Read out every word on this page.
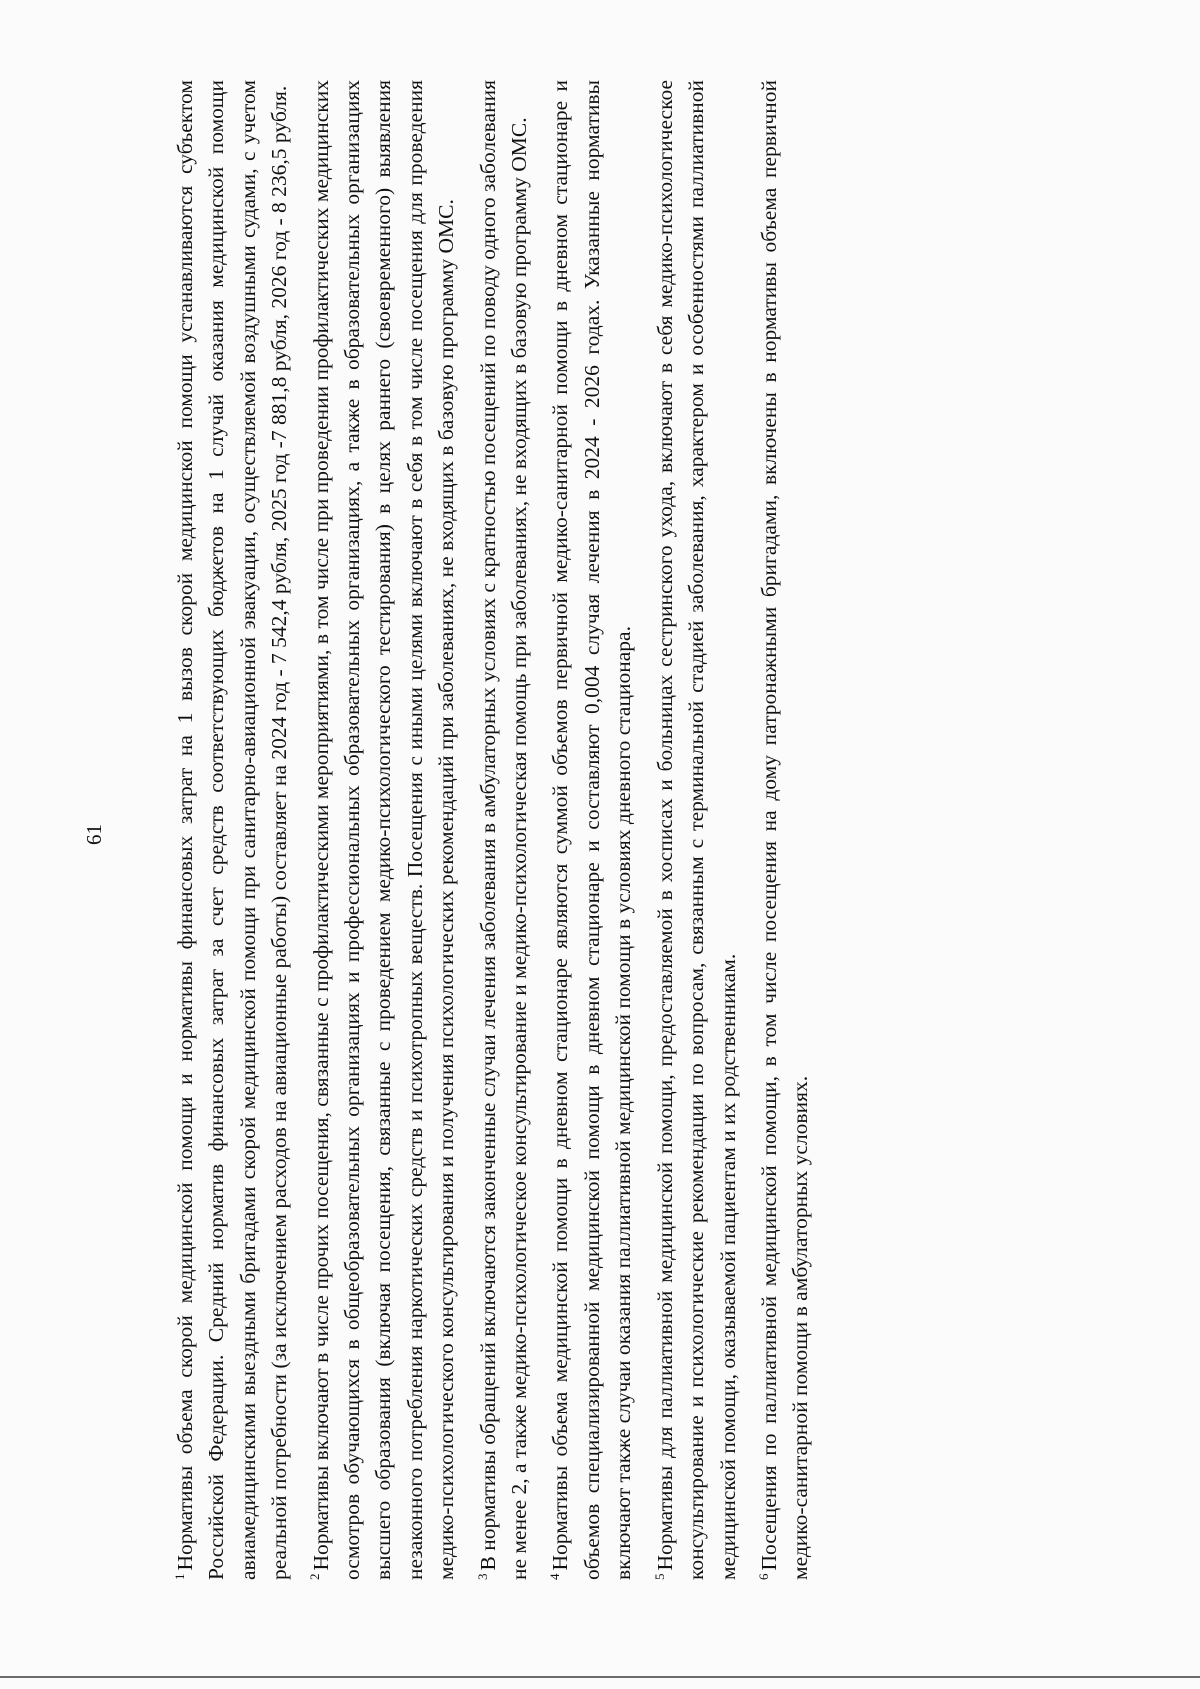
61

$^1$Нормативы объема скорой медицинской помощи и нормативы финансовых затрат на 1 вызов скорой медицинской помощи устанавливаются субъектом Российской Федерации. Средний норматив финансовых затрат за счет средств соответствующих бюджетов на 1 случай оказания медицинской помощи авиамедицинскими выездными бригадами скорой медицинской помощи при санитарно-авиационной эвакуации, осуществляемой воздушными судами, с учетом реальной потребности (за исключением расходов на авиационные работы) составляет на 2024 год - 7 542,4 рубля, 2025 год -7 881,8 рубля, 2026 год - 8 236,5 рубля.	$^2$Нормативы включают в числе прочих посещения, связанные с профилактическими мероприятиями, в том числе при проведении профилактических медицинских осмотров обучающихся в общеобразовательных организациях и профессиональных образовательных организациях, а также в образовательных организациях высшего образования (включая посещения, связанные с проведением медико-психологического тестирования) в целях раннего (своевременного) выявления незаконного потребления наркотических средств и психотропных веществ. Посещения с иными целями включают в себя в том числе посещения для проведения медико-психологического консультирования и получения психологических рекомендаций при заболеваниях, не входящих в базовую программу ОМС.	$^3$В нормативы обращений включаются законченные случаи лечения заболевания в амбулаторных условиях с кратностью посещений по поводу одного заболевания не менее 2, а также медико-психологическое консультирование и медико-психологическая помощь при заболеваниях, не входящих в базовую программу ОМС.	$^4$Нормативы объема медицинской помощи в дневном стационаре являются суммой объемов первичной медико-санитарной помощи в дневном стационаре и объемов специализированной медицинской помощи в дневном стационаре и составляют 0,004 случая лечения в 2024 - 2026 годах. Указанные нормативы включают также случаи оказания паллиативной медицинской помощи в условиях дневного стационара.	$^5$Нормативы для паллиативной медицинской помощи, предоставляемой в хосписах и больницах сестринского ухода, включают в себя медико-психологическое консультирование и психологические рекомендации по вопросам, связанным с терминальной стадией заболевания, характером и особенностями паллиативной медицинской помощи, оказываемой пациентам и их родственникам.	$^6$Посещения по паллиативной медицинской помощи, в том числе посещения на дому патронажными бригадами, включены в нормативы объема первичной медико-санитарной помощи в амбулаторных условиях.
